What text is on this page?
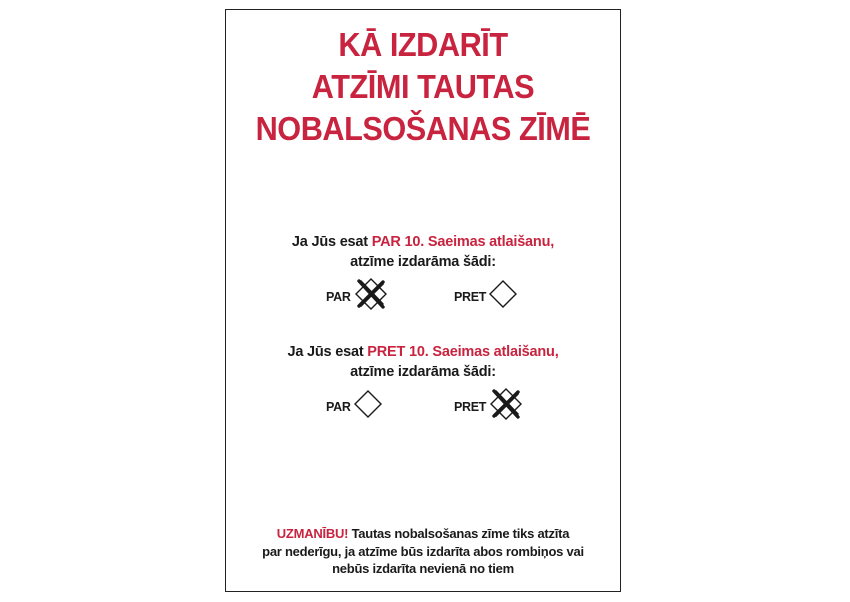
KĀ IZDARĪT
ATZĪMI TAUTAS
NOBALSOŠANAS ZĪMĒ
Ja Jūs esat PAR 10. Saeimas atlaišanu,
atzīme izdarāma šādi:
PAR	PRET
Ja Jūs esat PRET 10. Saeimas atlaišanu,
atzīme izdarāma šādi:
PAR	PRET
UZMANĪBU! Tautas nobalsošanas zīme tiks atzīta
par nederīgu, ja atzīme būs izdarīta abos rombiņos vai
nebūs izdarīta nevienā no tiem
